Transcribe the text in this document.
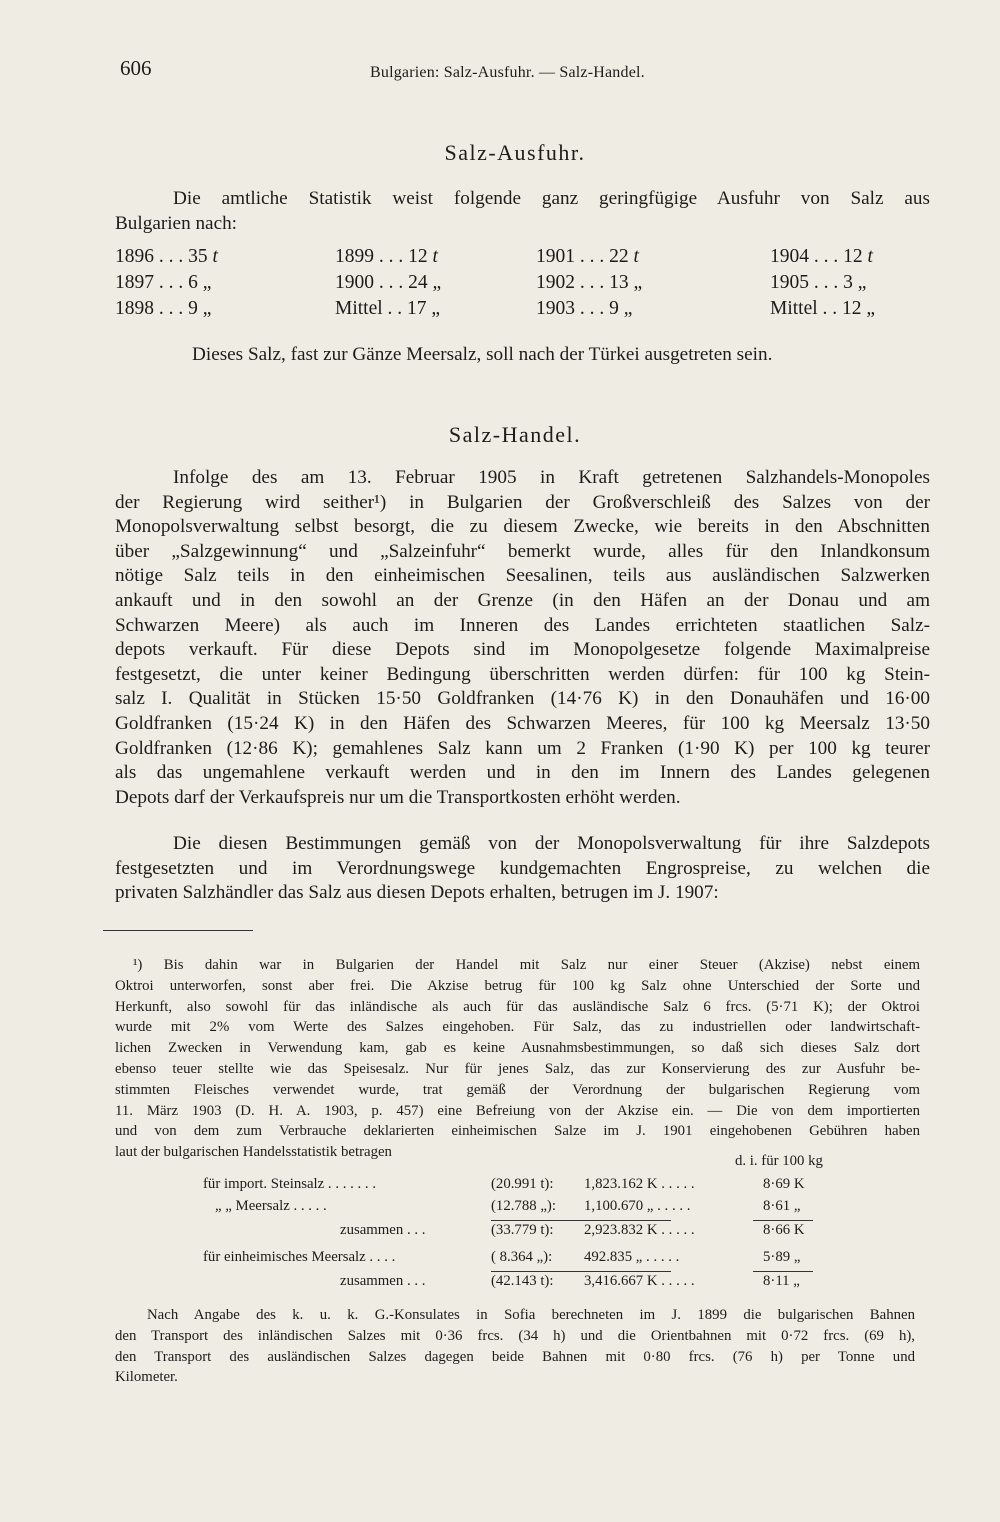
606	Bulgarien: Salz-Ausfuhr. — Salz-Handel.
Salz-Ausfuhr.
Die amtliche Statistik weist folgende ganz geringfügige Ausfuhr von Salz aus
Bulgarien nach:
1896 . . . 35 t	1899 . . . 12 t	1901 . . . 22 t	1904 . . . 12 t
1897 . . . 6 „	1900 . . . 24 „	1902 . . . 13 „	1905 . . . 3 „
1898 . . . 9 „	Mittel . . 17 „	1903 . . . 9 „	Mittel . . 12 „
Dieses Salz, fast zur Gänze Meersalz, soll nach der Türkei ausgetreten sein.
Salz-Handel.
Infolge des am 13. Februar 1905 in Kraft getretenen Salzhandels-Monopoles
der Regierung wird seither¹) in Bulgarien der Großverschleiß des Salzes von der
Monopolsverwaltung selbst besorgt, die zu diesem Zwecke, wie bereits in den Abschnitten
über „Salzgewinnung“ und „Salzeinfuhr“ bemerkt wurde, alles für den Inlandkonsum
nötige Salz teils in den einheimischen Seesalinen, teils aus ausländischen Salzwerken
ankauft und in den sowohl an der Grenze (in den Häfen an der Donau und am
Schwarzen Meere) als auch im Inneren des Landes errichteten staatlichen Salz-
depots verkauft. Für diese Depots sind im Monopolgesetze folgende Maximalpreise
festgesetzt, die unter keiner Bedingung überschritten werden dürfen: für 100 kg Stein-
salz I. Qualität in Stücken 15·50 Goldfranken (14·76 K) in den Donauhäfen und 16·00
Goldfranken (15·24 K) in den Häfen des Schwarzen Meeres, für 100 kg Meersalz 13·50
Goldfranken (12·86 K); gemahlenes Salz kann um 2 Franken (1·90 K) per 100 kg teurer
als das ungemahlene verkauft werden und in den im Innern des Landes gelegenen
Depots darf der Verkaufspreis nur um die Transportkosten erhöht werden.
Die diesen Bestimmungen gemäß von der Monopolsverwaltung für ihre Salzdepots
festgesetzten und im Verordnungswege kundgemachten Engrospreise, zu welchen die
privaten Salzhändler das Salz aus diesen Depots erhalten, betrugen im J. 1907:
¹) Bis dahin war in Bulgarien der Handel mit Salz nur einer Steuer (Akzise) nebst einem
Oktroi unterworfen, sonst aber frei. Die Akzise betrug für 100 kg Salz ohne Unterschied der Sorte und
Herkunft, also sowohl für das inländische als auch für das ausländische Salz 6 frcs. (5·71 K); der Oktroi
wurde mit 2% vom Werte des Salzes eingehoben. Für Salz, das zu industriellen oder landwirtschaft-
lichen Zwecken in Verwendung kam, gab es keine Ausnahmsbestimmungen, so daß sich dieses Salz dort
ebenso teuer stellte wie das Speisesalz. Nur für jenes Salz, das zur Konservierung des zur Ausfuhr be-
stimmten Fleisches verwendet wurde, trat gemäß der Verordnung der bulgarischen Regierung vom
11. März 1903 (D. H. A. 1903, p. 457) eine Befreiung von der Akzise ein. — Die von dem importierten
und von dem zum Verbrauche deklarierten einheimischen Salze im J. 1901 eingehobenen Gebühren haben
laut der bulgarischen Handelsstatistik betragen
d. i. für 100 kg
für import. Steinsalz . . . . . . .	(20.991 t): 1,823.162 K . . . . .	8·69 K
„ „ Meersalz . . . . .	(12.788 „): 1,100.670 „ . . . . .	8·61 „
zusammen . . .	(33.779 t): 2,923.832 K . . . . .	8·66 K
für einheimisches Meersalz . . . .	( 8.364 „): 492.835 „ . . . . .	5·89 „
zusammen . . .	(42.143 t): 3,416.667 K . . . . .	8·11 „
Nach Angabe des k. u. k. G.-Konsulates in Sofia berechneten im J. 1899 die bulgarischen Bahnen
den Transport des inländischen Salzes mit 0·36 frcs. (34 h) und die Orientbahnen mit 0·72 frcs. (69 h),
den Transport des ausländischen Salzes dagegen beide Bahnen mit 0·80 frcs. (76 h) per Tonne und
Kilometer.
